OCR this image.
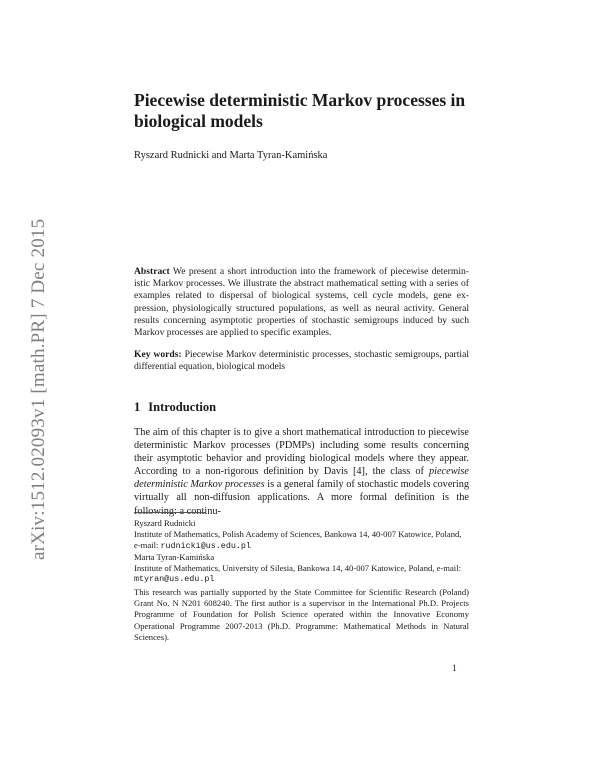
arXiv:1512.02093v1 [math.PR] 7 Dec 2015
Piecewise deterministic Markov processes in biological models
Ryszard Rudnicki and Marta Tyran-Kamińska
Abstract We present a short introduction into the framework of piecewise deterministic Markov processes. We illustrate the abstract mathematical setting with a series of examples related to dispersal of biological systems, cell cycle models, gene expression, physiologically structured populations, as well as neural activity. General results concerning asymptotic properties of stochastic semigroups induced by such Markov processes are applied to specific examples.
Key words: Piecewise Markov deterministic processes, stochastic semigroups, partial differential equation, biological models
1 Introduction
The aim of this chapter is to give a short mathematical introduction to piecewise deterministic Markov processes (PDMPs) including some results concerning their asymptotic behavior and providing biological models where they appear. According to a non-rigorous definition by Davis [4], the class of piecewise deterministic Markov processes is a general family of stochastic models covering virtually all non-diffusion applications. A more formal definition is the following: a continu-
Ryszard Rudnicki
Institute of Mathematics, Polish Academy of Sciences, Bankowa 14, 40-007 Katowice, Poland,
e-mail: rudnicki@us.edu.pl
Marta Tyran-Kamińska
Institute of Mathematics, University of Silesia, Bankowa 14, 40-007 Katowice, Poland, e-mail:
mtyran@us.edu.pl
This research was partially supported by the State Committee for Scientific Research (Poland) Grant No. N N201 608240. The first author is a supervisor in the International Ph.D. Projects Programme of Foundation for Polish Science operated within the Innovative Economy Operational Programme 2007-2013 (Ph.D. Programme: Mathematical Methods in Natural Sciences).
1
